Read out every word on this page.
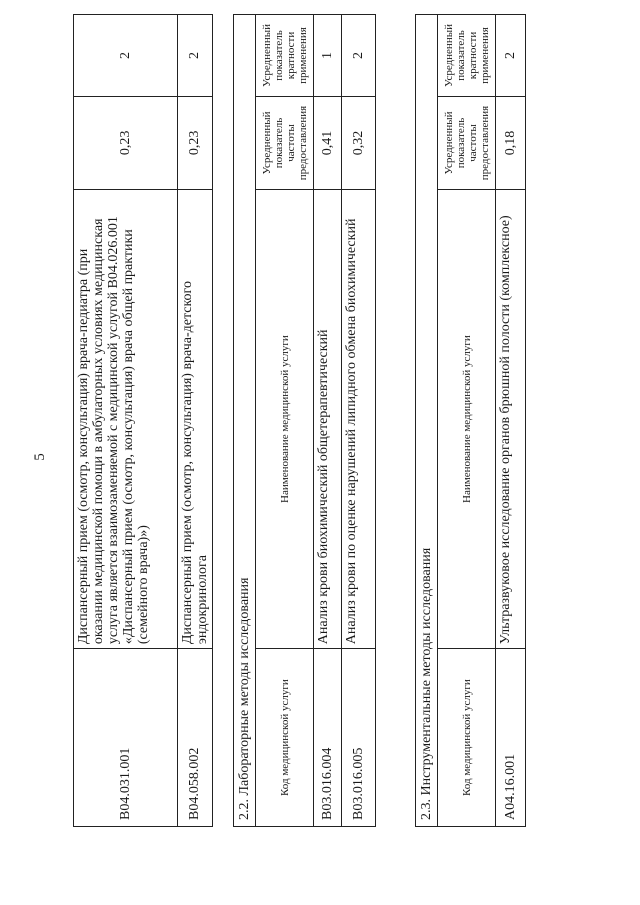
5
B04.031.001	Диспансерный прием (осмотр, консультация) врача-педиатра (при оказании медицинской помощи в амбулаторных условиях медицинская услуга является взаимозаменяемой с медицинской услугой B04.026.001 «Диспансерный прием (осмотр, консультация) врача общей практики (семейного врача)»)	0,23	2
B04.058.002	Диспансерный прием (осмотр, консультация) врача-детского эндокринолога	0,23	2
2.2. Лабораторные методы исследования			
Код медицинской услуги	Наименование медицинской услуги	Усредненный показатель частоты предоставления	Усредненный показатель кратности применения
B03.016.004	Анализ крови биохимический общетерапевтический	0,41	1
B03.016.005	Анализ крови по оценке нарушений липидного обмена биохимический	0,32	2
2.3. Инструментальные методы исследования			
Код медицинской услуги	Наименование медицинской услуги	Усредненный показатель частоты предоставления	Усредненный показатель кратности применения
A04.16.001	Ультразвуковое исследование органов брюшной полости (комплексное)	0,18	2
